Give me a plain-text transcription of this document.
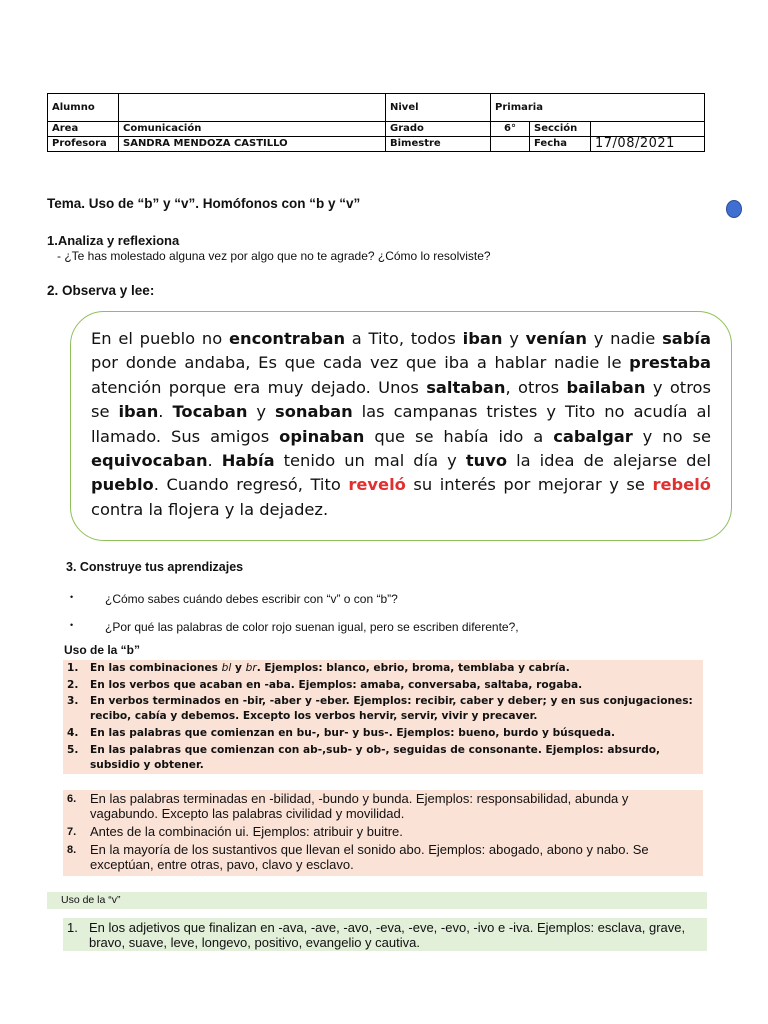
Alumno		Nivel	Primaria		
Area	Comunicación	Grado	6°	Sección	
Profesora	SANDRA MENDOZA CASTILLO	Bimestre		Fecha	17/08/2021
Tema. Uso de “b” y “v”. Homófonos con “b y “v”
1.Analiza y reflexiona
- ¿Te has molestado alguna vez por algo que no te agrade? ¿Cómo lo resolviste?
2. Observa y lee:
En el pueblo no encontraban a Tito, todos iban y venían y nadie sabía por donde andaba, Es que cada vez que iba a hablar nadie le prestaba atención porque era muy dejado. Unos saltaban, otros bailaban y otros se iban. Tocaban y sonaban las campanas tristes y Tito no acudía al llamado. Sus amigos opinaban que se había ido a cabalgar y no se equivocaban. Había tenido un mal día y tuvo la idea de alejarse del pueblo. Cuando regresó, Tito reveló su interés por mejorar y se rebeló contra la flojera y la dejadez.
3. Construye tus aprendizajes
•	¿Cómo sabes cuándo debes escribir con “v” o con “b”?
•	¿Por qué las palabras de color rojo suenan igual, pero se escriben diferente?,
Uso de la “b”
1. En las combinaciones bl y br. Ejemplos: blanco, ebrio, broma, temblaba y cabría.
2. En los verbos que acaban en -aba. Ejemplos: amaba, conversaba, saltaba, rogaba.
3. En verbos terminados en -bir, -aber y -eber. Ejemplos: recibir, caber y deber; y en sus conjugaciones: recibo, cabía y debemos. Excepto los verbos hervir, servir, vivir y precaver.
4. En las palabras que comienzan en bu-, bur- y bus-. Ejemplos: bueno, burdo y búsqueda.
5. En las palabras que comienzan con ab-,sub- y ob-, seguidas de consonante. Ejemplos: absurdo, subsidio y obtener.
6. En las palabras terminadas en -bilidad, -bundo y bunda. Ejemplos: responsabilidad, abunda y vagabundo. Excepto las palabras civilidad y movilidad.
7. Antes de la combinación ui. Ejemplos: atribuir y buitre.
8. En la mayoría de los sustantivos que llevan el sonido abo. Ejemplos: abogado, abono y nabo. Se exceptúan, entre otras, pavo, clavo y esclavo.
Uso de la “v”
1. En los adjetivos que finalizan en -ava, -ave, -avo, -eva, -eve, -evo, -ivo e -iva. Ejemplos: esclava, grave, bravo, suave, leve, longevo, positivo, evangelio y cautiva.
